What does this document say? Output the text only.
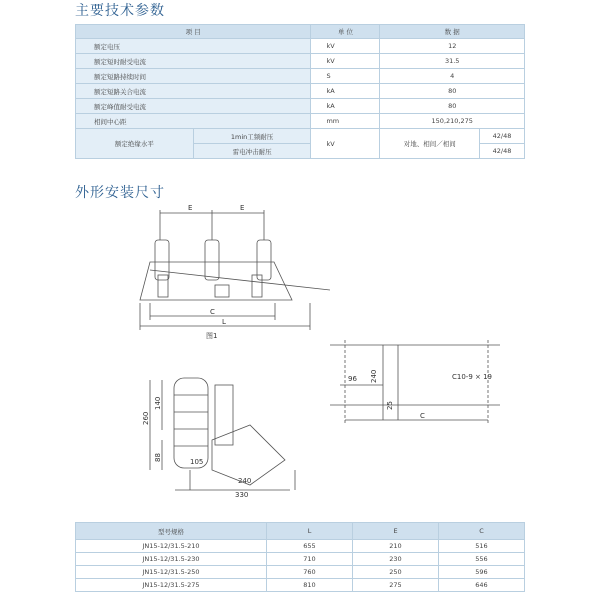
主要技术参数
项 目		单 位	数 据	
额定电压		kV	12	
额定短时耐受电流		kV	31.5	
额定短路持续时间		S	4	
额定短路关合电流		kA	80	
额定峰值耐受电流		kA	80	
相间中心距		mm	150,210,275	
额定绝缘水平	1min工频耐压	kV	对地、相间／相间	42/48
	雷电冲击耐压			42/48
外形安装尺寸
E	E
C
L
图1
96 240
25
C10-9 × 19
C
260
140
88	105
240
330
型号规格	L	E	C
JN15-12/31.5-210	655	210	516
JN15-12/31.5-230	710	230	556
JN15-12/31.5-250	760	250	596
JN15-12/31.5-275	810	275	646
